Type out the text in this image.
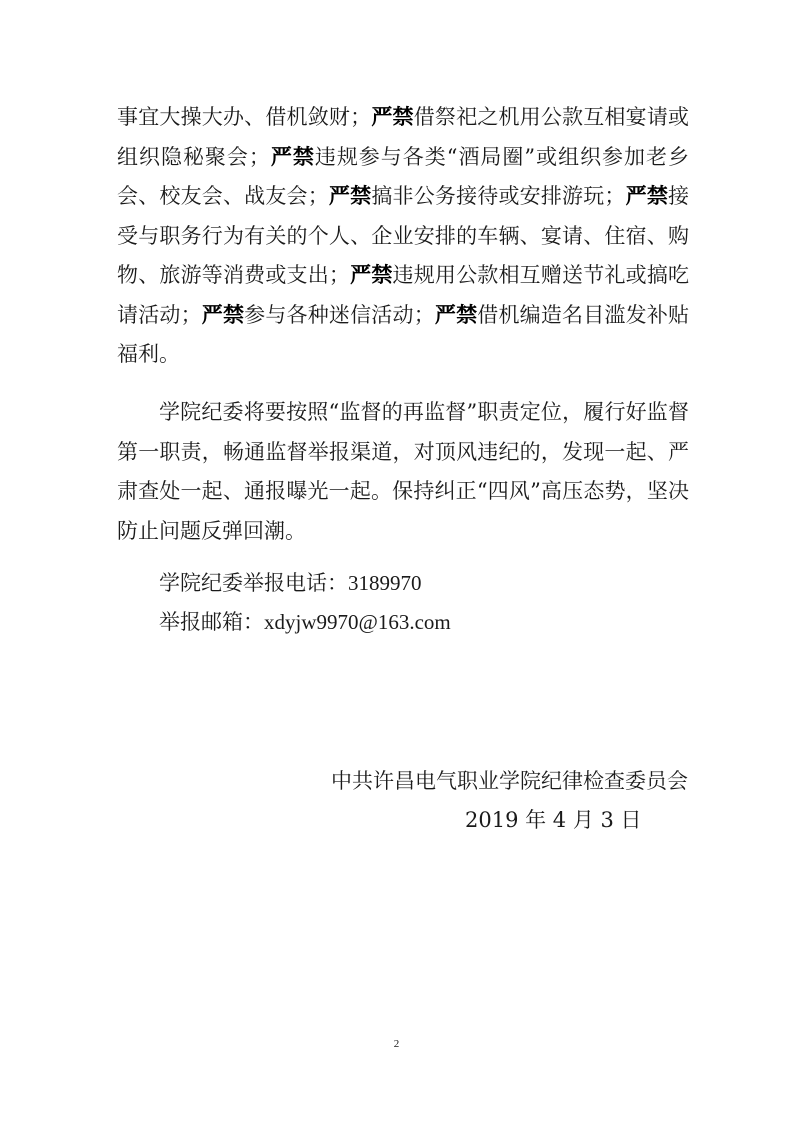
事宜大操大办、借机敛财；严禁借祭祀之机用公款互相宴请或组织隐秘聚会；严禁违规参与各类“酒局圈”或组织参加老乡会、校友会、战友会；严禁搞非公务接待或安排游玩；严禁接受与职务行为有关的个人、企业安排的车辆、宴请、住宿、购物、旅游等消费或支出；严禁违规用公款相互赠送节礼或搞吃请活动；严禁参与各种迷信活动；严禁借机编造名目滥发补贴福利。

学院纪委将要按照“监督的再监督”职责定位，履行好监督第一职责，畅通监督举报渠道，对顶风违纪的，发现一起、严肃查处一起、通报曝光一起。保持纠正“四风”高压态势，坚决防止问题反弹回潮。

学院纪委举报电话：3189970
举报邮箱：xdyjw9970@163.com
中共许昌电气职业学院纪律检查委员会
2019 年 4 月 3 日
2
